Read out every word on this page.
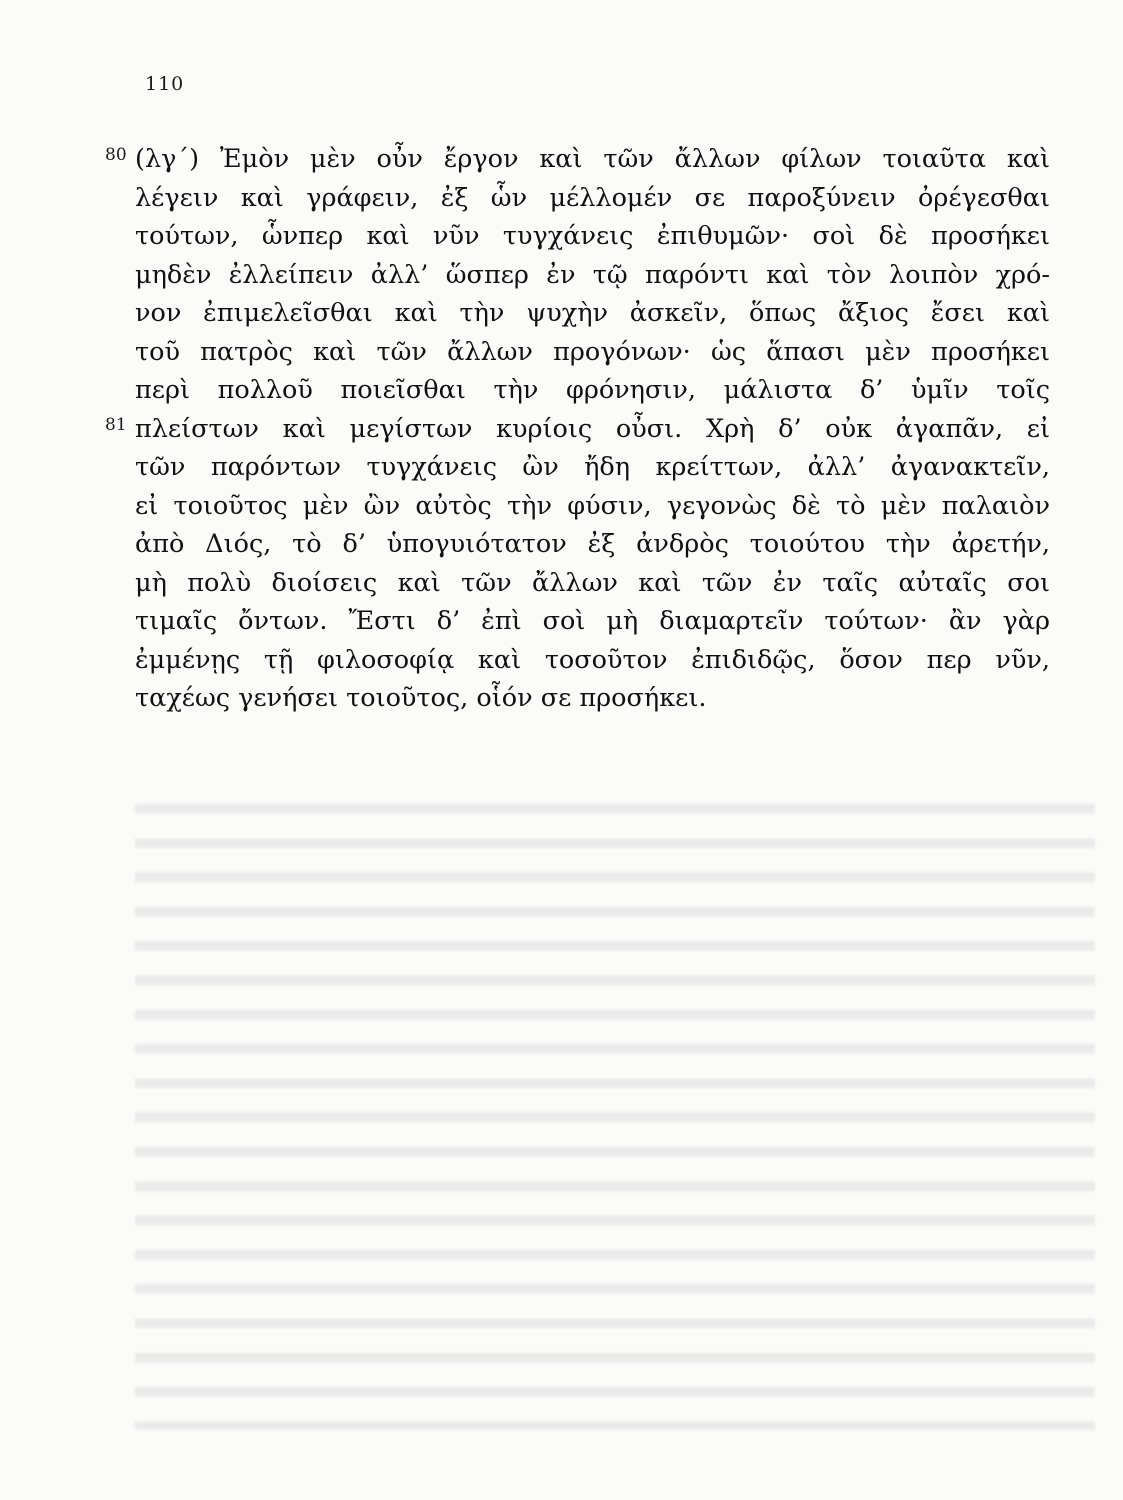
110
80 (λγ´) Ἐμὸν μὲν οὖν ἔργον καὶ τῶν ἄλλων φίλων τοιαῦτα καὶ
λέγειν καὶ γράφειν, ἐξ ὧν μέλλομέν σε παροξύνειν ὀρέγεσθαι
τούτων, ὧνπερ καὶ νῦν τυγχάνεις ἐπιθυμῶν· σοὶ δὲ προσήκει
μηδὲν ἐλλείπειν ἀλλ’ ὥσπερ ἐν τῷ παρόντι καὶ τὸν λοιπὸν χρό-
νον ἐπιμελεῖσθαι καὶ τὴν ψυχὴν ἀσκεῖν, ὅπως ἄξιος ἔσει καὶ
τοῦ πατρὸς καὶ τῶν ἄλλων προγόνων· ὡς ἅπασι μὲν προσήκει
περὶ πολλοῦ ποιεῖσθαι τὴν φρόνησιν, μάλιστα δ’ ὑμῖν τοῖς
81 πλείστων καὶ μεγίστων κυρίοις οὖσι. Χρὴ δ’ οὐκ ἀγαπᾶν, εἰ
τῶν παρόντων τυγχάνεις ὢν ἤδη κρείττων, ἀλλ’ ἀγανακτεῖν,
εἰ τοιοῦτος μὲν ὢν αὐτὸς τὴν φύσιν, γεγονὼς δὲ τὸ μὲν παλαιὸν
ἀπὸ Διός, τὸ δ’ ὑπογυιότατον ἐξ ἀνδρὸς τοιούτου τὴν ἀρετήν,
μὴ πολὺ διοίσεις καὶ τῶν ἄλλων καὶ τῶν ἐν ταῖς αὐταῖς σοι
τιμαῖς ὄντων. Ἔστι δ’ ἐπὶ σοὶ μὴ διαμαρτεῖν τούτων· ἂν γὰρ
ἐμμένῃς τῇ φιλοσοφίᾳ καὶ τοσοῦτον ἐπιδιδῷς, ὅσον περ νῦν,
ταχέως γενήσει τοιοῦτος, οἷόν σε προσήκει.
